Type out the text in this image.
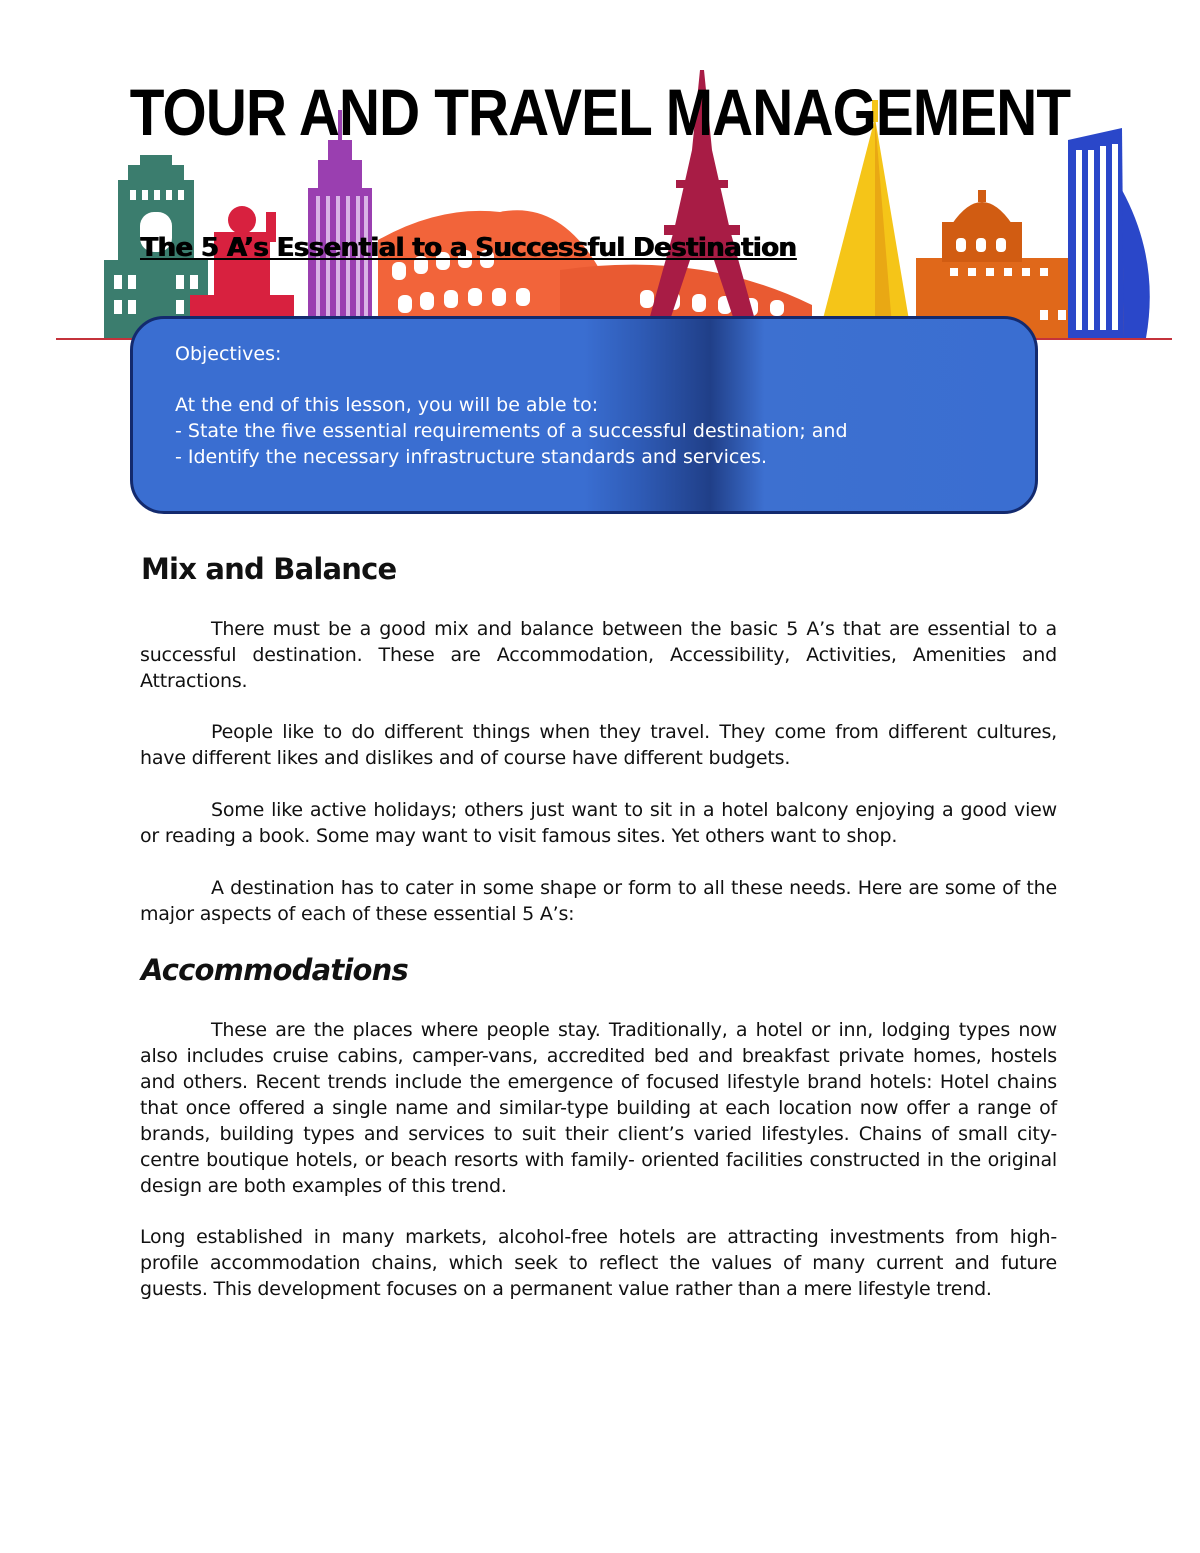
TOUR AND TRAVEL MANAGEMENT
The 5 A’s Essential to a Successful Destination
Objectives:
At the end of this lesson, you will be able to:
- State the five essential requirements of a successful destination; and
- Identify the necessary infrastructure standards and services.
Mix and Balance

There must be a good mix and balance between the basic 5 A’s that are essential to a successful destination. These are Accommodation, Accessibility, Activities, Amenities and Attractions.

People like to do different things when they travel. They come from different cultures, have different likes and dislikes and of course have different budgets.

Some like active holidays; others just want to sit in a hotel balcony enjoying a good view or reading a book. Some may want to visit famous sites. Yet others want to shop.

A destination has to cater in some shape or form to all these needs. Here are some of the major aspects of each of these essential 5 A’s:

Accommodations

These are the places where people stay. Traditionally, a hotel or inn, lodging types now also includes cruise cabins, camper-vans, accredited bed and breakfast private homes, hostels and others. Recent trends include the emergence of focused lifestyle brand hotels: Hotel chains that once offered a single name and similar-type building at each location now offer a range of brands, building types and services to suit their client’s varied lifestyles. Chains of small city-centre boutique hotels, or beach resorts with family- oriented facilities constructed in the original design are both examples of this trend.

Long established in many markets, alcohol-free hotels are attracting investments from high-profile accommodation chains, which seek to reflect the values of many current and future guests. This development focuses on a permanent value rather than a mere lifestyle trend.
